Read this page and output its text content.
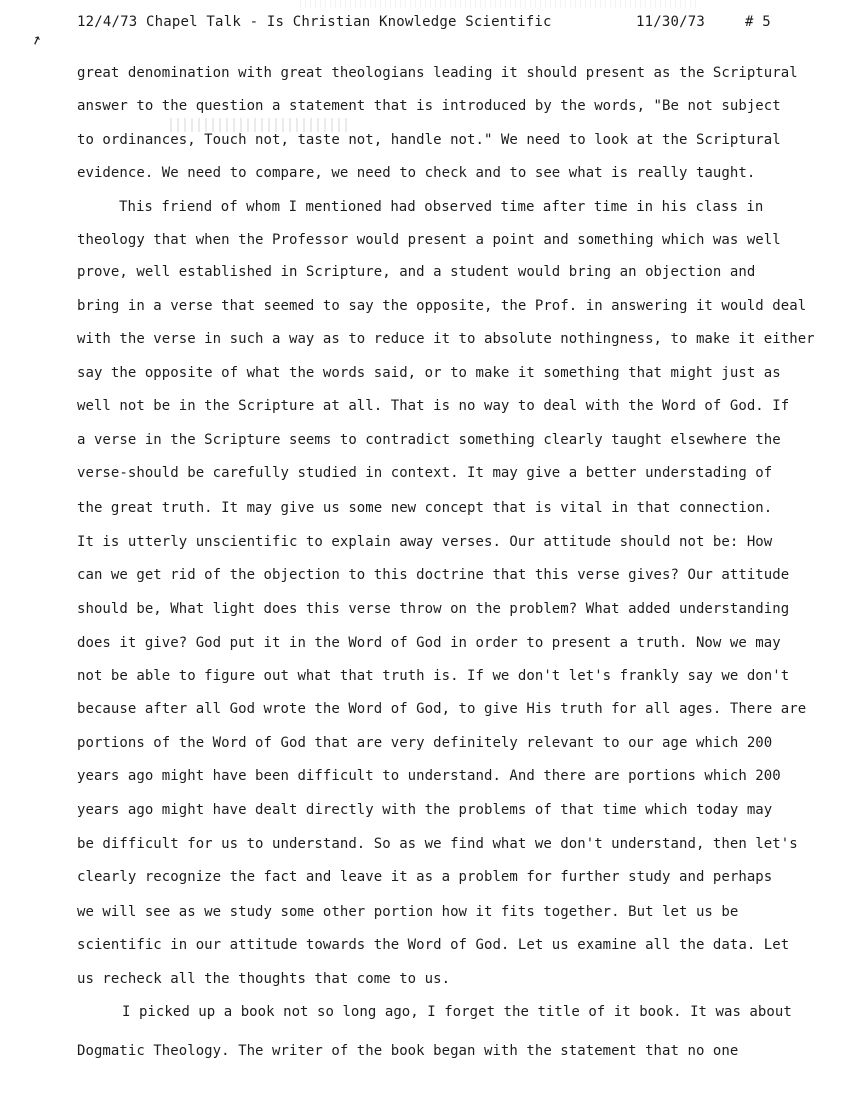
12/4/73 Chapel Talk - Is Christian Knowledge Scientific	11/30/73	# 5
↗
great denomination with great theologians leading it should present as the Scriptural
answer to the question a statement that is introduced by the words, "Be not subject
to ordinances, Touch not, taste not, handle not." We need to look at the Scriptural
evidence. We need to compare, we need to check and to see what is really taught.
This friend of whom I mentioned had observed time after time in his class in
theology that when the Professor would present a point and something which was well
prove, well established in Scripture, and a student would bring an objection and
bring in a verse that seemed to say the opposite, the Prof. in answering it would deal
with the verse in such a way as to reduce it to absolute nothingness, to make it either
say the opposite of what the words said, or to make it something that might just as
well not be in the Scripture at all. That is no way to deal with the Word of God. If
a verse in the Scripture seems to contradict something clearly taught elsewhere the
verse-should be carefully studied in context. It may give a better understading of
the great truth. It may give us some new concept that is vital in that connection.
It is utterly unscientific to explain away verses. Our attitude should not be: How
can we get rid of the objection to this doctrine that this verse gives? Our attitude
should be, What light does this verse throw on the problem? What added understanding
does it give? God put it in the Word of God in order to present a truth. Now we may
not be able to figure out what that truth is. If we don't let's frankly say we don't
because after all God wrote the Word of God, to give His truth for all ages. There are
portions of the Word of God that are very definitely relevant to our age which 200
years ago might have been difficult to understand. And there are portions which 200
years ago might have dealt directly with the problems of that time which today may
be difficult for us to understand. So as we find what we don't understand, then let's
clearly recognize the fact and leave it as a problem for further study and perhaps
we will see as we study some other portion how it fits together. But let us be
scientific in our attitude towards the Word of God. Let us examine all the data. Let
us recheck all the thoughts that come to us.
I picked up a book not so long ago, I forget the title of it book. It was about
Dogmatic Theology. The writer of the book began with the statement that no one
